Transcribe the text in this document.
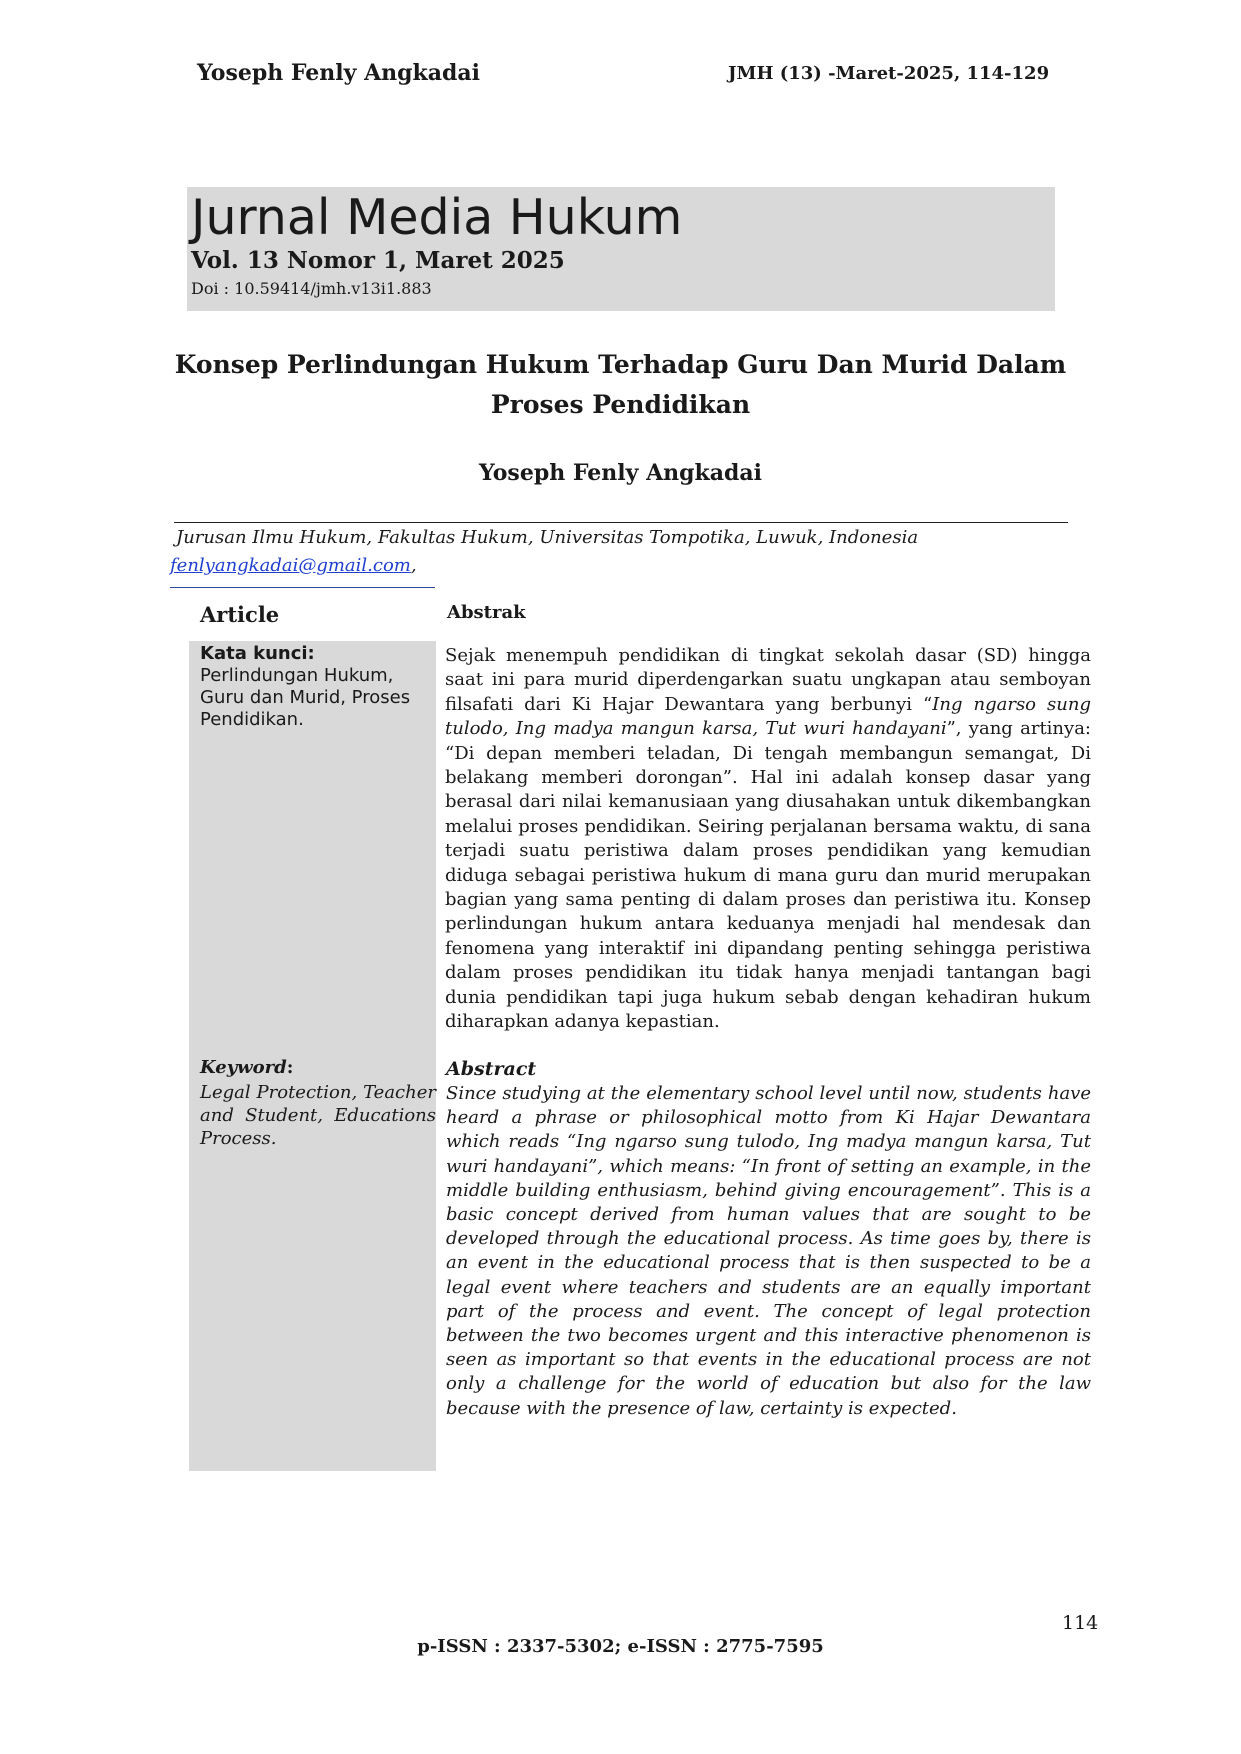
Yoseph Fenly Angkadai	JMH (13) -Maret-2025, 114-129
Jurnal Media Hukum
Vol. 13 Nomor 1, Maret 2025
Doi : 10.59414/jmh.v13i1.883
Konsep Perlindungan Hukum Terhadap Guru Dan Murid Dalam
Proses Pendidikan
Yoseph Fenly Angkadai
Jurusan Ilmu Hukum, Fakultas Hukum, Universitas Tompotika, Luwuk, Indonesia
fenlyangkadai@gmail.com,
Article	Abstrak
Kata kunci:
Perlindungan Hukum, Guru dan Murid, Proses Pendidikan.
Sejak menempuh pendidikan di tingkat sekolah dasar (SD) hingga saat ini para murid diperdengarkan suatu ungkapan atau semboyan filsafati dari Ki Hajar Dewantara yang berbunyi “Ing ngarso sung tulodo, Ing madya mangun karsa, Tut wuri handayani”, yang artinya: “Di depan memberi teladan, Di tengah membangun semangat, Di belakang memberi dorongan”. Hal ini adalah konsep dasar yang berasal dari nilai kemanusiaan yang diusahakan untuk dikembangkan melalui proses pendidikan. Seiring perjalanan bersama waktu, di sana terjadi suatu peristiwa dalam proses pendidikan yang kemudian diduga sebagai peristiwa hukum di mana guru dan murid merupakan bagian yang sama penting di dalam proses dan peristiwa itu. Konsep perlindungan hukum antara keduanya menjadi hal mendesak dan fenomena yang interaktif ini dipandang penting sehingga peristiwa dalam proses pendidikan itu tidak hanya menjadi tantangan bagi dunia pendidikan tapi juga hukum sebab dengan kehadiran hukum diharapkan adanya kepastian.
Keyword:
Legal Protection, Teacher and Student, Educations Process.
Abstract
Since studying at the elementary school level until now, students have heard a phrase or philosophical motto from Ki Hajar Dewantara which reads “Ing ngarso sung tulodo, Ing madya mangun karsa, Tut wuri handayani”, which means: “In front of setting an example, in the middle building enthusiasm, behind giving encouragement”. This is a basic concept derived from human values that are sought to be developed through the educational process. As time goes by, there is an event in the educational process that is then suspected to be a legal event where teachers and students are an equally important part of the process and event. The concept of legal protection between the two becomes urgent and this interactive phenomenon is seen as important so that events in the educational process are not only a challenge for the world of education but also for the law because with the presence of law, certainty is expected.
114
p-ISSN : 2337-5302; e-ISSN : 2775-7595
